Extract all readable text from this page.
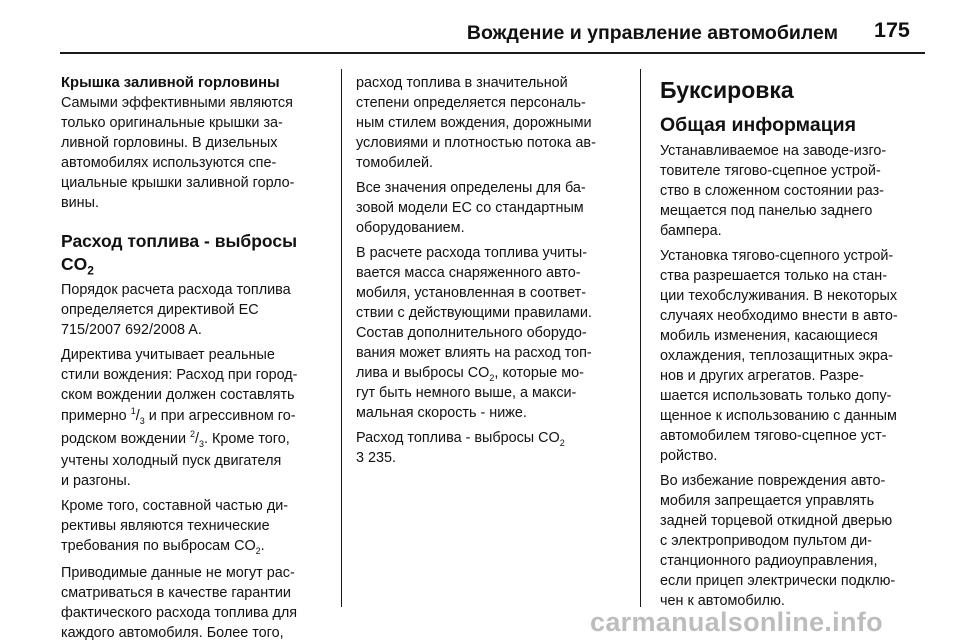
Вождение и управление автомобилем 175
Крышка заливной горловины
Самыми эффективными являются
только оригинальные крышки за-
ливной горловины. В дизельных
автомобилях используются спе-
циальные крышки заливной горло-
вины.
Расход топлива - выбросы
$CO_2$
Порядок расчета расхода топлива
определяется директивой ЕС
715/2007 692/2008 A.
Директива учитывает реальные
стили вождения: Расход при город-
ском вождении должен составлять
примерно $^1/_3$ и при агрессивном го-
родском вождении $^2/_3$. Кроме того,
учтены холодный пуск двигателя
и разгоны.
Кроме того, составной частью ди-
рективы являются технические
требования по выбросам $CO_2$.
Приводимые данные не могут рас-
сматриваться в качестве гарантии
фактического расхода топлива для
каждого автомобиля. Более того,
расход топлива в значительной
степени определяется персональ-
ным стилем вождения, дорожными
условиями и плотностью потока ав-
томобилей.
Все значения определены для ба-
зовой модели ЕС со стандартным
оборудованием.
В расчете расхода топлива учиты-
вается масса снаряженного авто-
мобиля, установленная в соответ-
ствии с действующими правилами.
Состав дополнительного оборудо-
вания может влиять на расход топ-
лива и выбросы $CO_2$, которые мо-
гут быть немного выше, а макси-
мальная скорость - ниже.
Расход топлива - выбросы $CO_2$
3 235.
Буксировка
Общая информация
Устанавливаемое на заводе-изго-
товителе тягово-сцепное устрой-
ство в сложенном состоянии раз-
мещается под панелью заднего
бампера.
Установка тягово-сцепного устрой-
ства разрешается только на стан-
ции техобслуживания. В некоторых
случаях необходимо внести в авто-
мобиль изменения, касающиеся
охлаждения, теплозащитных экра-
нов и других агрегатов. Разре-
шается использовать только допу-
щенное к использованию с данным
автомобилем тягово-сцепное уст-
ройство.
Во избежание повреждения авто-
мобиля запрещается управлять
задней торцевой откидной дверью
с электроприводом пультом ди-
станционного радиоуправления,
если прицеп электрически подклю-
чен к автомобилю.
carmanualsonline.info
